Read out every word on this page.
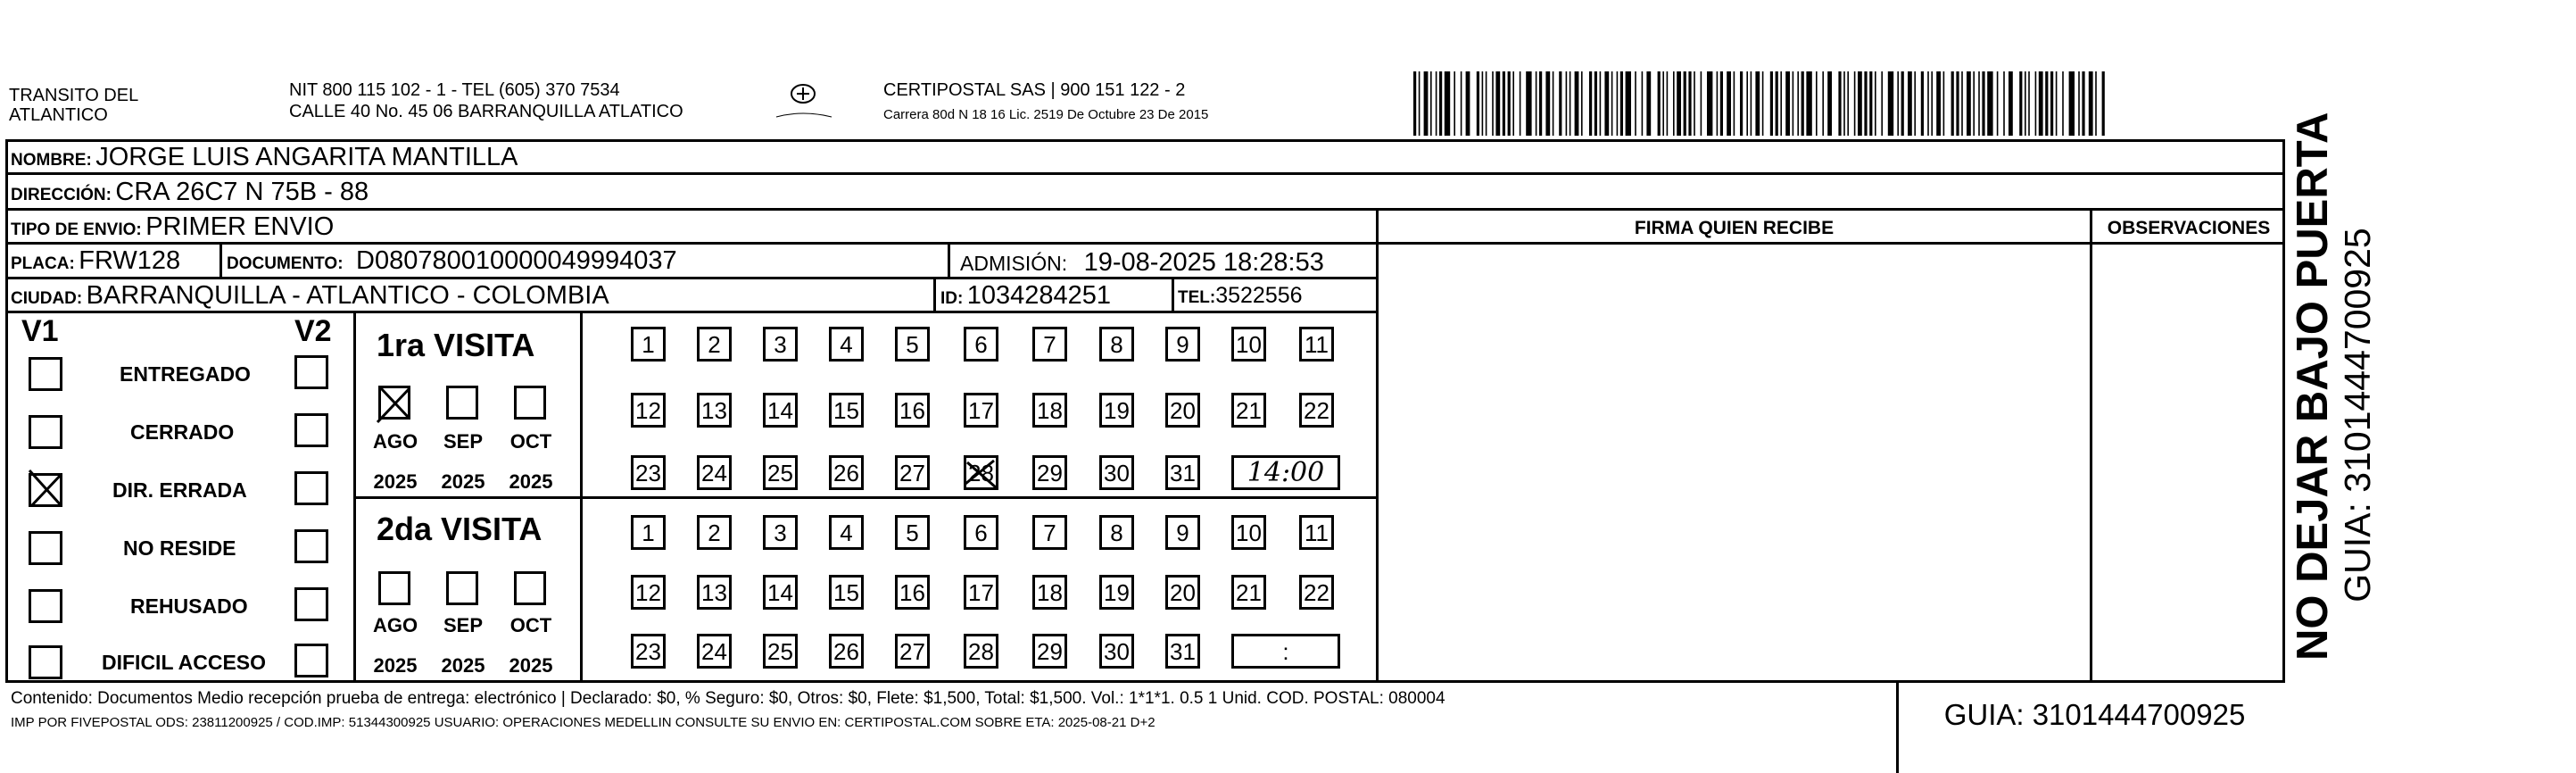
TRANSITO DEL
ATLANTICO
NIT 800 115 102 - 1 - TEL (605) 370 7534
CALLE 40 No. 45 06 BARRANQUILLA ATLATICO
CERTIPOSTAL SAS | 900 151 122 - 2
Carrera 80d N 18 16 Lic. 2519 De Octubre 23 De 2015
NOMBRE: JORGE LUIS ANGARITA MANTILLA
DIRECCIÓN: CRA 26C7 N 75B - 88
TIPO DE ENVIO: PRIMER ENVIO
PLACA: FRW128	DOCUMENTO: D080780010000049994037	ADMISIÓN: 19-08-2025 18:28:53
CIUDAD: BARRANQUILLA - ATLANTICO - COLOMBIA	ID: 1034284251	TEL:3522556
FIRMA QUIEN RECIBE	OBSERVACIONES
V1	V2
ENTREGADO
CERRADO
DIR. ERRADA
NO RESIDE
REHUSADO
DIFICIL ACCESO
1ra VISITA
2da VISITA
AGO
2025
SEP
2025
OCT
2025
AGO
2025
SEP
2025
OCT
2025
1	2	3	4	5	6	7	8	9	10 11
12 13 14 15 16 17 18 19 20 21 22
23 24 25 26 27 28 29 30 31	14:00
1	2	3	4	5	6	7	8	9	10 11
12 13 14 15 16 17 18 19 20 21 22
23 24 25 26 27 28 29 30 31	:
Contenido: Documentos Medio recepción prueba de entrega: electrónico | Declarado: $0, % Seguro: $0, Otros: $0, Flete: $1,500, Total: $1,500. Vol.: 1*1*1. 0.5 1 Unid. COD. POSTAL: 080004
IMP POR FIVEPOSTAL ODS: 23811200925 / COD.IMP: 51344300925 USUARIO: OPERACIONES MEDELLIN CONSULTE SU ENVIO EN: CERTIPOSTAL.COM SOBRE ETA: 2025-08-21 D+2	GUIA: 3101444700925
NO DEJAR BAJO PUERTA GUIA: 3101444700925
